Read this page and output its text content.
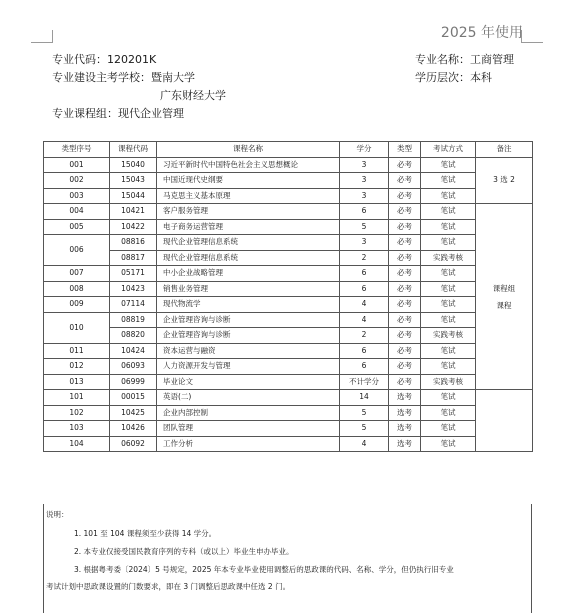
2025 年使用
专业代码：120201K	专业名称：工商管理
专业建设主考学校：暨南大学
广东财经大学
学历层次：本科
专业课程组：现代企业管理
类型序号	课程代码	课程名称	学分	类型	考试方式	备注
001	15040	习近平新时代中国特色社会主义思想概论	3	必考	笔试	3 选 2
002	15043	中国近现代史纲要	3	必考	笔试	
003	15044	马克思主义基本原理	3	必考	笔试	
004	10421	客户服务管理	6	必考	笔试	课程组
课程

005	10422	电子商务运营管理	5	必考	笔试	
006	08816	现代企业管理信息系统	3	必考	笔试	
	08817	现代企业管理信息系统	2	必考	实践考核	
007	05171	中小企业战略管理	6	必考	笔试	
008	10423	销售业务管理	6	必考	笔试	
009	07114	现代物流学	4	必考	笔试	
010	08819	企业管理咨询与诊断	4	必考	笔试	
	08820	企业管理咨询与诊断	2	必考	实践考核	
011	10424	资本运营与融资	6	必考	笔试	
012	06093	人力资源开发与管理	6	必考	笔试	
013	06999	毕业论文	不计学分	必考	实践考核	
101	00015	英语(二)	14	选考	笔试	
102	10425	企业内部控制	5	选考	笔试	
103	10426	团队管理	5	选考	笔试	
104	06092	工作分析	4	选考	笔试	
说明：
1. 101 至 104 课程须至少获得 14 学分。
2. 本专业仅接受国民教育序列的专科（或以上）毕业生申办毕业。
3. 根据粤考委〔2024〕5 号规定，2025 年本专业毕业使用调整后的思政课的代码、名称、学分，但仍执行旧专业
考试计划中思政课设置的门数要求，即在 3 门调整后思政课中任选 2 门。
